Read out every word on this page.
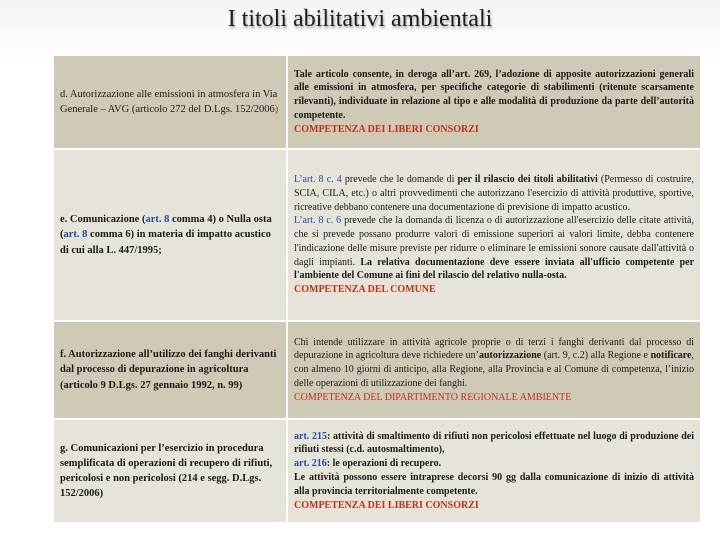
I titoli abilitativi ambientali
d. Autorizzazione alle emissioni in atmosfera in Via Generale – AVG (articolo 272 del D.Lgs. 152/2006)	Tale articolo consente, in deroga all’art. 269, l’adozione di apposite autorizzazioni generali alle emissioni in atmosfera, per specifiche categorie di stabilimenti (ritenute scarsamente rilevanti), individuate in relazione al tipo e alle modalità di produzione da parte dell’autorità competente.
COMPETENZA DEI LIBERI CONSORZI
e. Comunicazione (art. 8 comma 4) o Nulla osta (art. 8 comma 6) in materia di impatto acustico di cui alla L. 447/1995;	L’art. 8 c. 4 prevede che le domande di per il rilascio dei titoli abilitativi (Permesso di costruire, SCIA, CILA, etc.) o altri provvedimenti che autorizzano l'esercizio di attività produttive, sportive, ricreative debbano contenere una documentazione di previsione di impatto acustico.
L’art. 8 c. 6 prevede che la domanda di licenza o di autorizzazione all'esercizio delle citate attività, che si prevede possano produrre valori di emissione superiori ai valori limite, debba contenere l'indicazione delle misure previste per ridurre o eliminare le emissioni sonore causate dall'attività o dagli impianti. La relativa documentazione deve essere inviata all'ufficio competente per l'ambiente del Comune ai fini del rilascio del relativo nulla-osta.
COMPETENZA DEL COMUNE
f. Autorizzazione all’utilizzo dei fanghi derivanti dal processo di depurazione in agricoltura
(articolo 9 D.Lgs. 27 gennaio 1992, n. 99)	Chi intende utilizzare in attività agricole proprie o di terzi i fanghi derivanti dal processo di depurazione in agricoltura deve richiedere un’autorizzazione (art. 9, c.2) alla Regione e notificare, con almeno 10 giorni di anticipo, alla Regione, alla Provincia e al Comune di competenza, l’inizio delle operazioni di utilizzazione dei fanghi.
COMPETENZA DEL DIPARTIMENTO REGIONALE AMBIENTE
g. Comunicazioni per l’esercizio in procedura semplificata di operazioni di recupero di rifiuti, pericolosi e non pericolosi (214 e segg. D.Lgs. 152/2006)	art. 215: attività di smaltimento di rifiuti non pericolosi effettuate nel luogo di produzione dei rifiuti stessi (c.d. autosmaltimento),
art. 216: le operazioni di recupero.
Le attività possono essere intraprese decorsi 90 gg dalla comunicazione di inizio di attività alla provincia territorialmente competente.
COMPETENZA DEI LIBERI CONSORZI
